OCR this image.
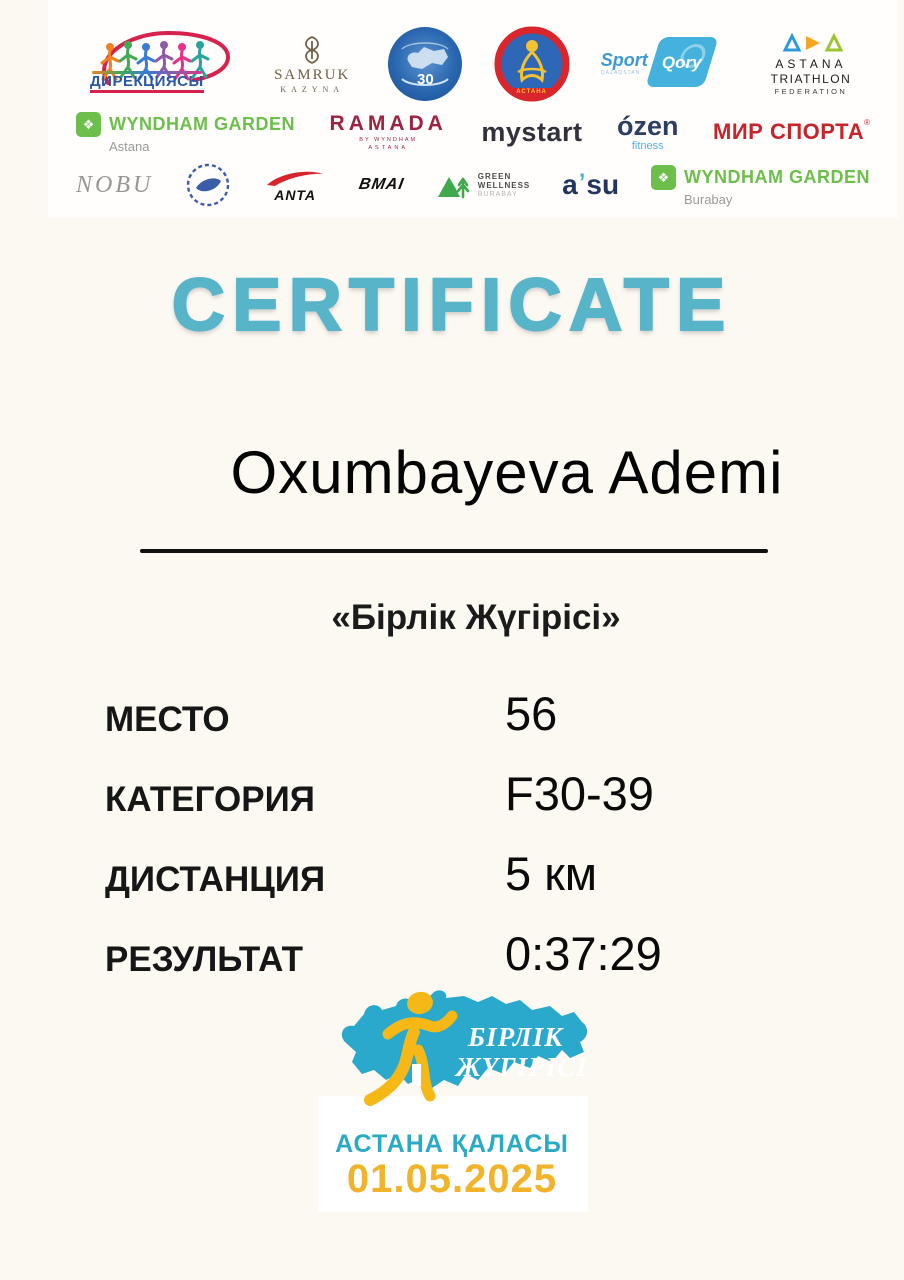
ДИРЕКЦИЯСЫ	SAMRUK
KAZYNA
30
АСТАНА
Sport
QAZAQSTAN
Qory	ASTANA
TRIATHLON
FEDERATION
❖ WYNDHAM GARDEN
Astana
RAMADA
BY WYNDHAM
ASTANA
mystart ózen
fitness
МИР СПОРТА ®
NOBU	ANTA
BMAI	GREEN
WELLNESS
BURABAY	a ’ su	❖ WYNDHAM GARDEN
Burabay
CERTIFICATE
Oxumbayeva Ademi
«Бірлік Жүгірісі»
МЕСТО	56
КАТЕГОРИЯ	F30-39
ДИСТАНЦИЯ	5 км
РЕЗУЛЬТАТ	0:37:29
БІРЛІК
ЖҮГІРІСІ
АСТАНА ҚАЛАСЫ
01.05.2025
